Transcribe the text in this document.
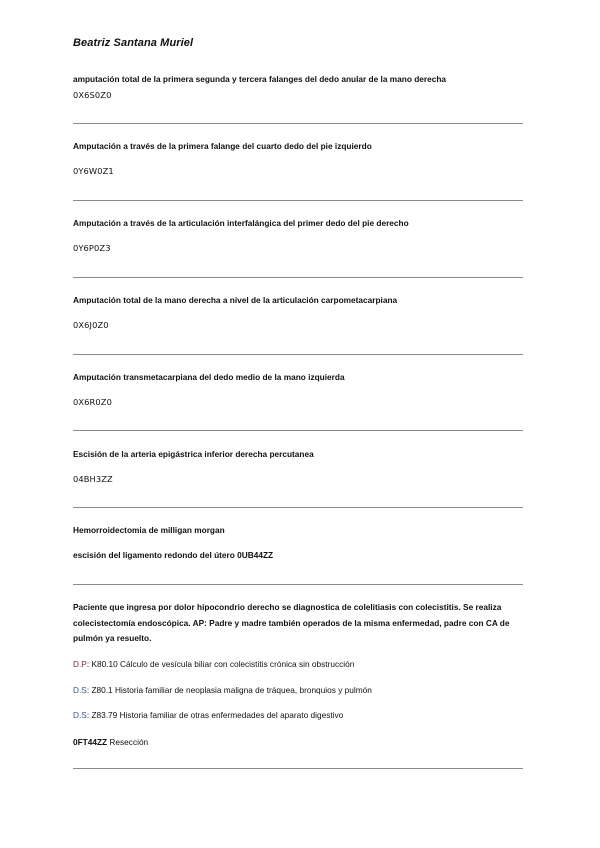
Beatriz Santana Muriel
amputación total de la primera segunda y tercera falanges del dedo anular de la mano derecha
0X6S0Z0
Amputación a través de la primera falange del cuarto dedo del pie izquierdo
0Y6W0Z1
Amputación a través de la articulación interfalángica del primer dedo del pie derecho
0Y6P0Z3
Amputación total de la mano derecha a nivel de la articulación carpometacarpiana
0X6J0Z0
Amputación transmetacarpiana del dedo medio de la mano izquierda
0X6R0Z0
Escisión de la arteria epigástrica inferior derecha percutanea
04BH3ZZ
Hemorroidectomia de milligan morgan
escisión del ligamento redondo del útero 0UB44ZZ
Paciente que ingresa por dolor hipocondrio derecho se diagnostica de colelitiasis con colecistitis. Se realiza colecistectomía endoscópica. AP: Padre y madre también operados de la misma enfermedad, padre con CA de pulmón ya resuelto.
D.P: K80.10 Cálculo de vesícula biliar con colecistitis crónica sin obstrucción
D.S: Z80.1 Historia familiar de neoplasia maligna de tráquea, bronquios y pulmón
D.S: Z83.79 Historia familiar de otras enfermedades del aparato digestivo
0FT44ZZ Resección
